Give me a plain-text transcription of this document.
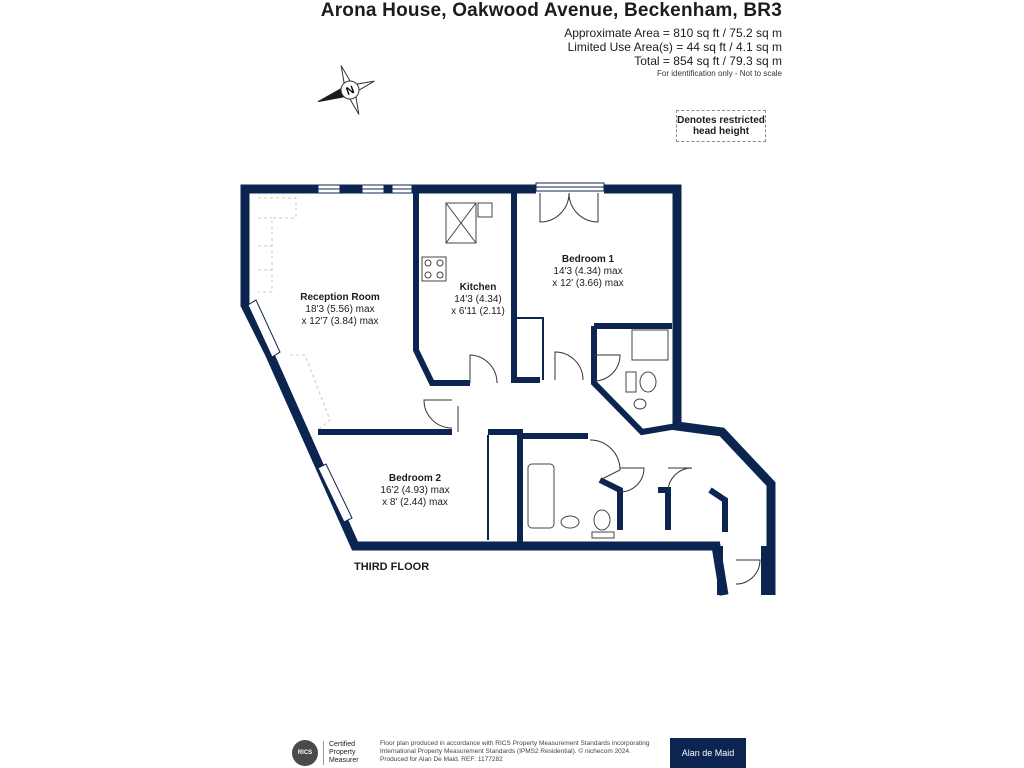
Arona House, Oakwood Avenue, Beckenham, BR3
Approximate Area = 810 sq ft / 75.2 sq m
Limited Use Area(s) = 44 sq ft / 4.1 sq m
Total = 854 sq ft / 79.3 sq m
For identification only - Not to scale
Denotes restricted
head height
N
Reception Room
18'3 (5.56) max
x 12'7 (3.84) max
Kitchen
14'3 (4.34)
x 6'11 (2.11)
Bedroom 1
14'3 (4.34) max
x 12' (3.66) max
Bedroom 2
16'2 (4.93) max
x 8' (2.44) max
THIRD FLOOR
RICS
Certified
Property
Measurer
Floor plan produced in accordance with RICS Property Measurement Standards incorporating
International Property Measurement Standards (IPMS2 Residential). © nichecom 2024.
Produced for Alan De Maid. REF: 1177282
Alan de Maid
